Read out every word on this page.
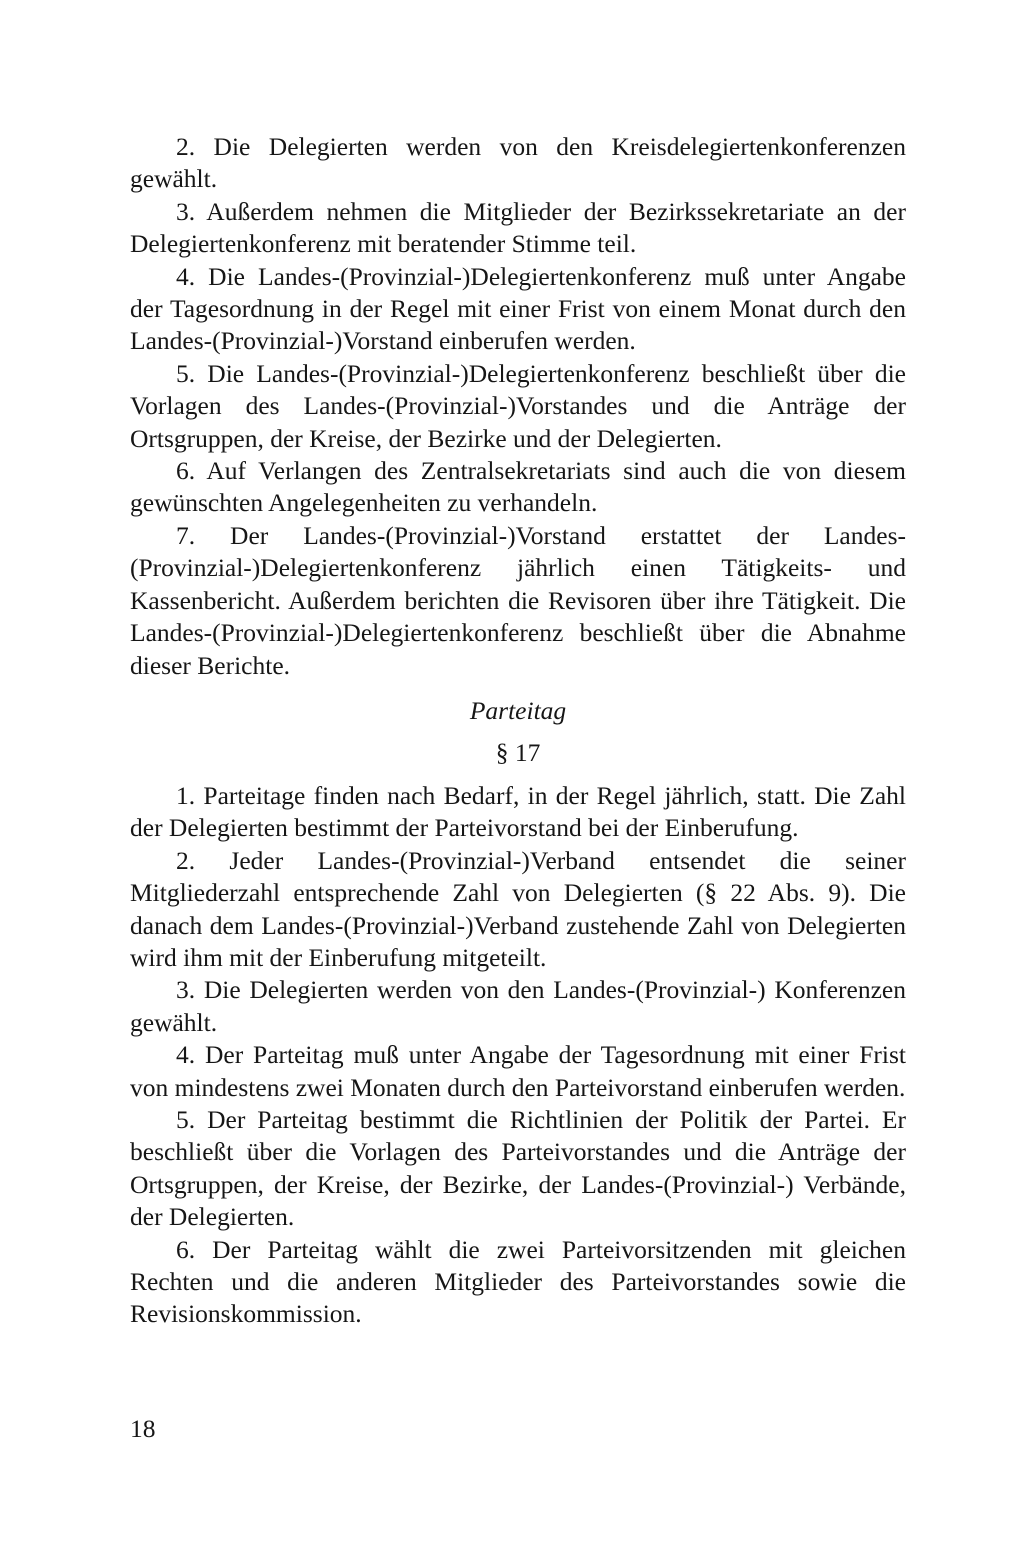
2. Die Delegierten werden von den Kreisdelegiertenkonferenzen gewählt.

3. Außerdem nehmen die Mitglieder der Bezirkssekretariate an der Delegiertenkonferenz mit beratender Stimme teil.

4. Die Landes-(Provinzial-)Delegiertenkonferenz muß unter Angabe der Tagesordnung in der Regel mit einer Frist von einem Monat durch den Landes-(Provinzial-)Vorstand einberufen werden.

5. Die Landes-(Provinzial-)Delegiertenkonferenz beschließt über die Vorlagen des Landes-(Provinzial-)Vorstandes und die Anträge der Ortsgruppen, der Kreise, der Bezirke und der Delegierten.

6. Auf Verlangen des Zentralsekretariats sind auch die von diesem gewünschten Angelegenheiten zu verhandeln.

7. Der Landes-(Provinzial-)Vorstand erstattet der Landes-(Provinzial-)Delegiertenkonferenz jährlich einen Tätigkeits- und Kassenbericht. Außerdem berichten die Revisoren über ihre Tätigkeit. Die Landes-(Provinzial-)Delegiertenkonferenz beschließt über die Abnahme dieser Berichte.

Parteitag

§ 17

1. Parteitage finden nach Bedarf, in der Regel jährlich, statt. Die Zahl der Delegierten bestimmt der Parteivorstand bei der Einberufung.

2. Jeder Landes-(Provinzial-)Verband entsendet die seiner Mitgliederzahl entsprechende Zahl von Delegierten (§ 22 Abs. 9). Die danach dem Landes-(Provinzial-)Verband zustehende Zahl von Delegierten wird ihm mit der Einberufung mitgeteilt.

3. Die Delegierten werden von den Landes-(Provinzial-) Konferenzen gewählt.

4. Der Parteitag muß unter Angabe der Tagesordnung mit einer Frist von mindestens zwei Monaten durch den Parteivorstand einberufen werden.

5. Der Parteitag bestimmt die Richtlinien der Politik der Partei. Er beschließt über die Vorlagen des Parteivorstandes und die Anträge der Ortsgruppen, der Kreise, der Bezirke, der Landes-(Provinzial-) Verbände, der Delegierten.

6. Der Parteitag wählt die zwei Parteivorsitzenden mit gleichen Rechten und die anderen Mitglieder des Parteivorstandes sowie die Revisionskommission.

18
